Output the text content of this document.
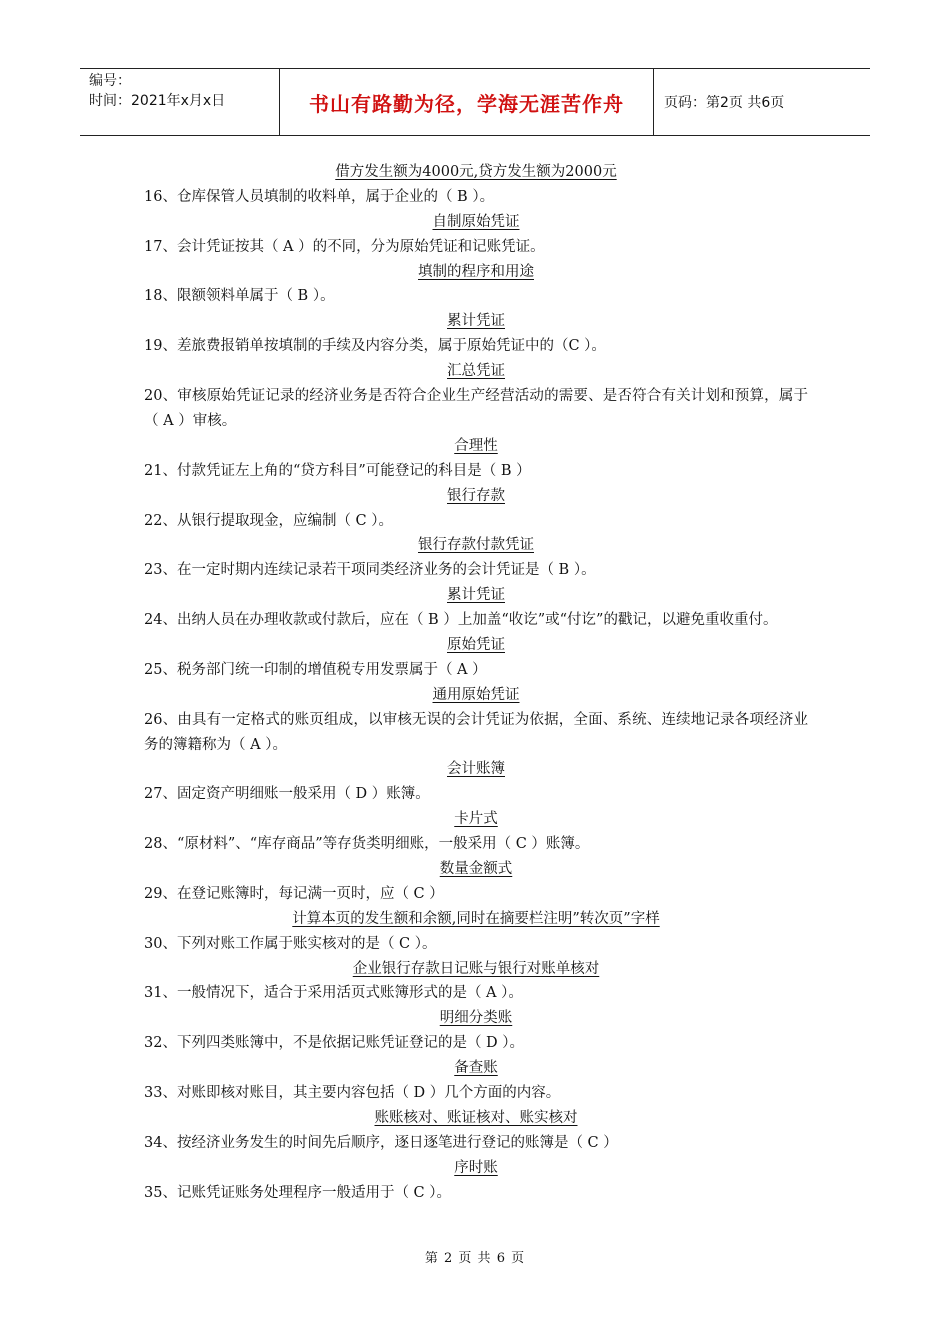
编号：
时间：2021年x月x日	书山有路勤为径，学海无涯苦作舟	页码：第2页 共6页
借方发生额为4000元,贷方发生额为2000元
16、仓库保管人员填制的收料单，属于企业的（ B ）。
自制原始凭证
17、会计凭证按其（ A ）的不同，分为原始凭证和记账凭证。
填制的程序和用途
18、限额领料单属于（ B ）。
累计凭证
19、差旅费报销单按填制的手续及内容分类，属于原始凭证中的（C ）。
汇总凭证
20、审核原始凭证记录的经济业务是否符合企业生产经营活动的需要、是否符合有关计划和预算，属于（ A ）审核。
合理性
21、付款凭证左上角的“贷方科目”可能登记的科目是（ B ）
银行存款
22、从银行提取现金，应编制（ C ）。
银行存款付款凭证
23、在一定时期内连续记录若干项同类经济业务的会计凭证是（ B ）。
累计凭证
24、出纳人员在办理收款或付款后，应在（ B ）上加盖“收讫”或“付讫”的戳记，以避免重收重付。
原始凭证
25、税务部门统一印制的增值税专用发票属于（ A ）
通用原始凭证
26、由具有一定格式的账页组成，以审核无误的会计凭证为依据，全面、系统、连续地记录各项经济业务的簿籍称为（ A ）。
会计账簿
27、固定资产明细账一般采用（ D ）账簿。
卡片式
28、“原材料”、“库存商品”等存货类明细账，一般采用（ C ）账簿。
数量金额式
29、在登记账簿时，每记满一页时，应（ C ）
计算本页的发生额和余额,同时在摘要栏注明”转次页”字样
30、下列对账工作属于账实核对的是（ C ）。
企业银行存款日记账与银行对账单核对
31、一般情况下，适合于采用活页式账簿形式的是（ A ）。
明细分类账
32、下列四类账簿中，不是依据记账凭证登记的是（ D ）。
备查账
33、对账即核对账目，其主要内容包括（ D ）几个方面的内容。
账账核对、账证核对、账实核对
34、按经济业务发生的时间先后顺序，逐日逐笔进行登记的账簿是（ C ）
序时账
35、记账凭证账务处理程序一般适用于（ C ）。
第 2 页 共 6 页
